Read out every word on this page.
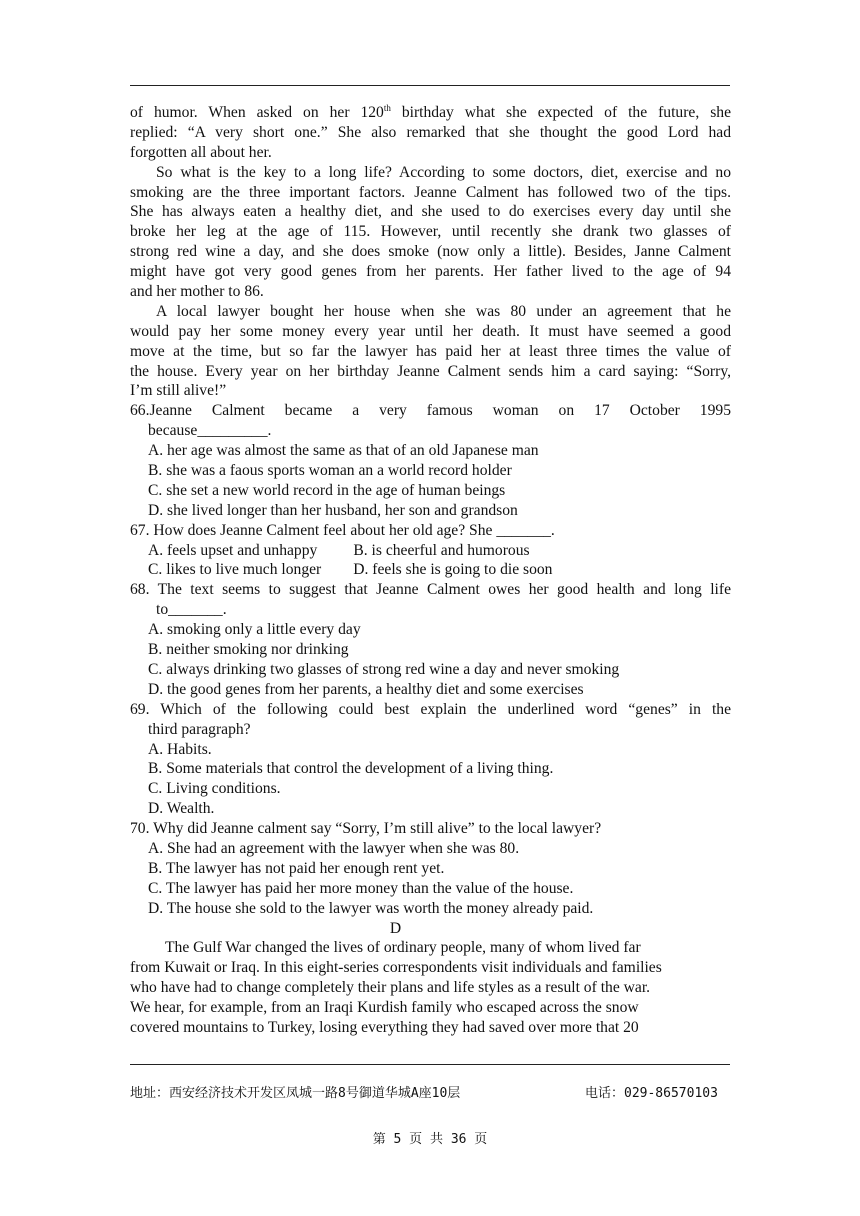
of humor. When asked on her 120th birthday what she expected of the future, she
replied: “A very short one.” She also remarked that she thought the good Lord had
forgotten all about her.
So what is the key to a long life? According to some doctors, diet, exercise and no
smoking are the three important factors. Jeanne Calment has followed two of the tips.
She has always eaten a healthy diet, and she used to do exercises every day until she
broke her leg at the age of 115. However, until recently she drank two glasses of
strong red wine a day, and she does smoke (now only a little). Besides, Janne Calment
might have got very good genes from her parents. Her father lived to the age of 94
and her mother to 86.
A local lawyer bought her house when she was 80 under an agreement that he
would pay her some money every year until her death. It must have seemed a good
move at the time, but so far the lawyer has paid her at least three times the value of
the house. Every year on her birthday Jeanne Calment sends him a card saying: “Sorry,
I’m still alive!”
66.Jeanne Calment became a very famous woman on 17 October 1995
because_________.
A. her age was almost the same as that of an old Japanese man
B. she was a faous sports woman an a world record holder
C. she set a new world record in the age of human beings
D. she lived longer than her husband, her son and grandson
67. How does Jeanne Calment feel about her old age? She _______.
A. feels upset and unhappy B. is cheerful and humorous
C. likes to live much longer D. feels she is going to die soon
68. The text seems to suggest that Jeanne Calment owes her good health and long life
to_______.
A. smoking only a little every day
B. neither smoking nor drinking
C. always drinking two glasses of strong red wine a day and never smoking
D. the good genes from her parents, a healthy diet and some exercises
69. Which of the following could best explain the underlined word “genes” in the
third paragraph?
A. Habits.
B. Some materials that control the development of a living thing.
C. Living conditions.
D. Wealth.
70. Why did Jeanne calment say “Sorry, I’m still alive” to the local lawyer?
A. She had an agreement with the lawyer when she was 80.
B. The lawyer has not paid her enough rent yet.
C. The lawyer has paid her more money than the value of the house.
D. The house she sold to the lawyer was worth the money already paid.
D
The Gulf War changed the lives of ordinary people, many of whom lived far
from Kuwait or Iraq. In this eight-series correspondents visit individuals and families
who have had to change completely their plans and life styles as a result of the war.
We hear, for example, from an Iraqi Kurdish family who escaped across the snow
covered mountains to Turkey, losing everything they had saved over more that 20
地址：西安经济技术开发区凤城一路8号御道华城A座10层	电话：029-86570103
第 5 页 共 36 页
